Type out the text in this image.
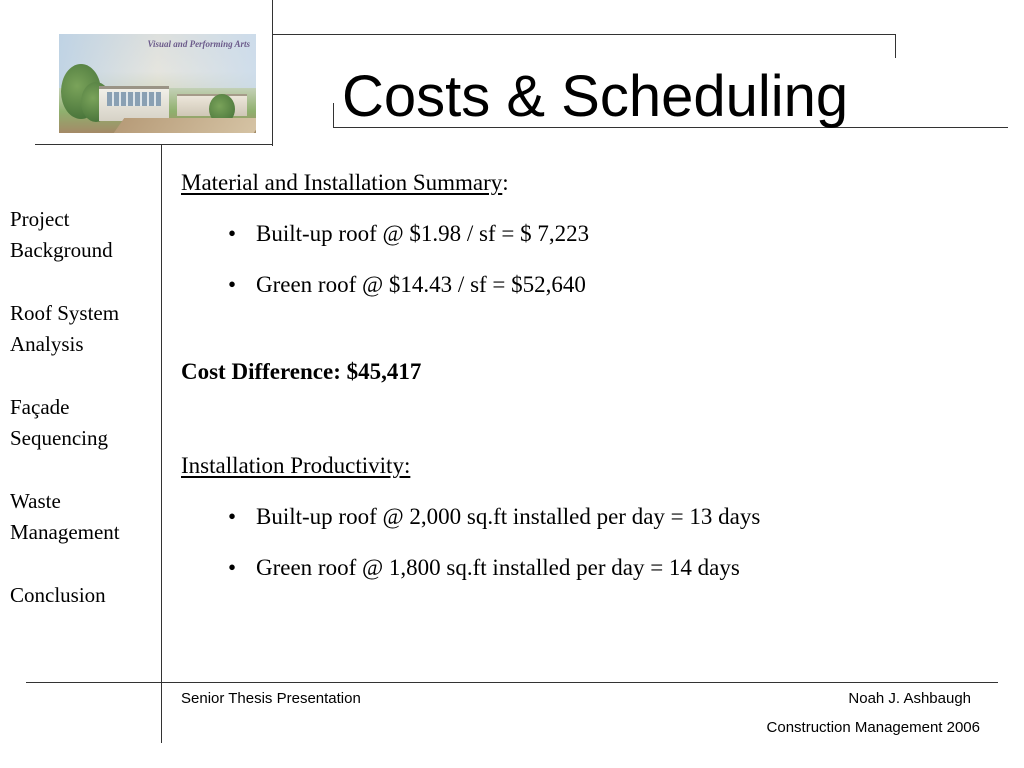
Visual and Performing Arts
Costs & Scheduling
Project Background
Roof System Analysis
Façade Sequencing
Waste Management
Conclusion
Material and Installation Summary:
• Built-up roof @ $1.98 / sf = $ 7,223
• Green roof @ $14.43 / sf = $52,640
Cost Difference: $45,417
Installation Productivity:
• Built-up roof @ 2,000 sq.ft installed per day = 13 days
• Green roof @ 1,800 sq.ft installed per day = 14 days
Senior Thesis Presentation	Noah J. Ashbaugh
Construction Management 2006
